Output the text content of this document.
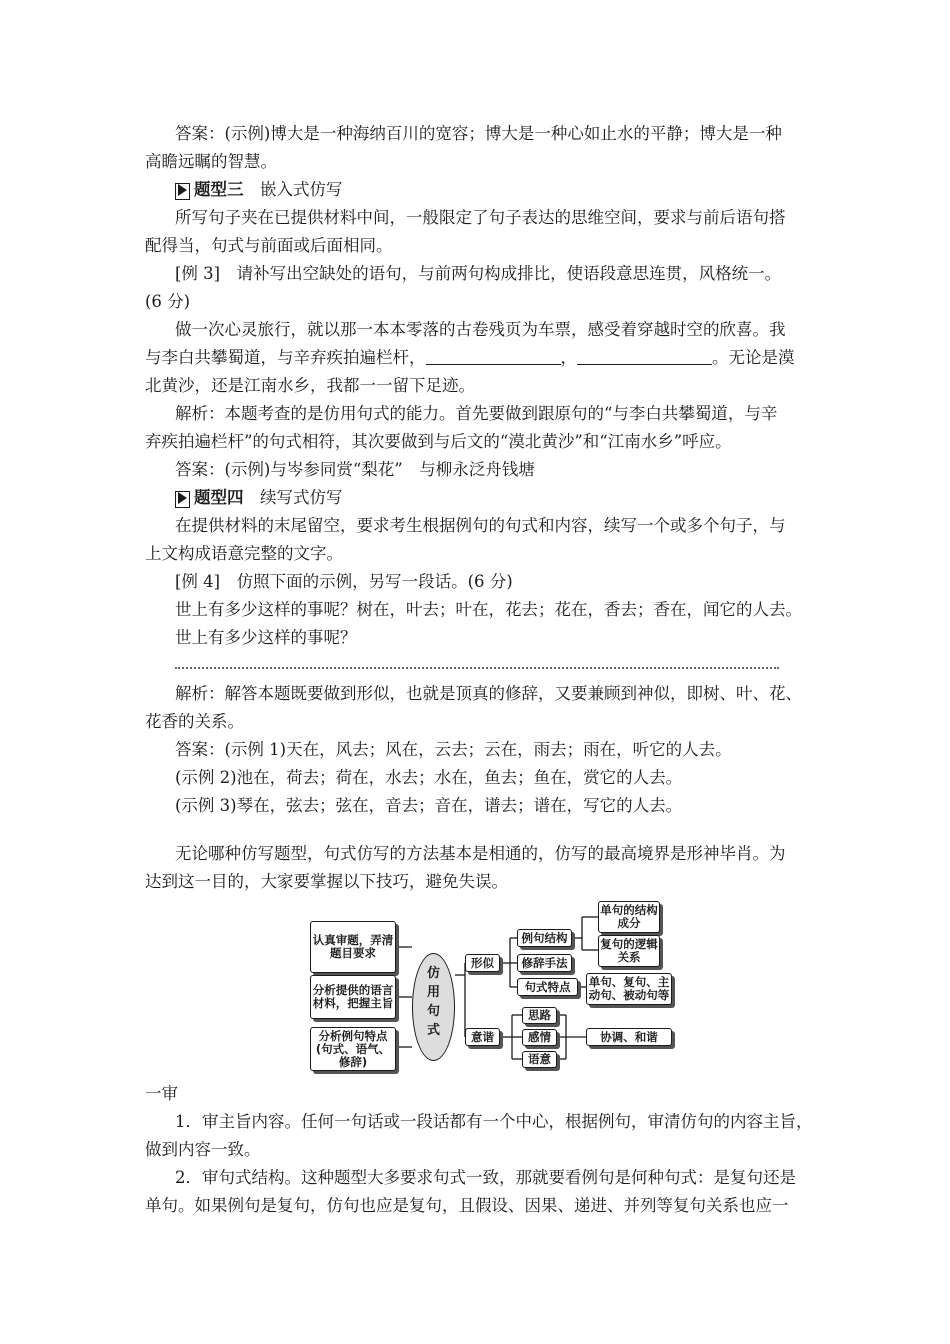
答案：(示例)博大是一种海纳百川的宽容；博大是一种心如止水的平静；博大是一种
高瞻远瞩的智慧。
题型三　 嵌入式仿写
所写句子夹在已提供材料中间，一般限定了句子表达的思维空间，要求与前后语句搭
配得当，句式与前面或后面相同。
[例 3]　请补写出空缺处的语句，与前两句构成排比，使语段意思连贯，风格统一。
(6 分)
做一次心灵旅行，就以那一本本零落的古卷残页为车票，感受着穿越时空的欣喜。我
与李白共攀蜀道，与辛弃疾拍遍栏杆，	，	。无论是漠
北黄沙，还是江南水乡，我都一一留下足迹。
解析：本题考查的是仿用句式的能力。首先要做到跟原句的“与李白共攀蜀道，与辛
弃疾拍遍栏杆”的句式相符，其次要做到与后文的“漠北黄沙”和“江南水乡”呼应。
答案：(示例)与岑参同赏“梨花”　与柳永泛舟钱塘
题型四　 续写式仿写
在提供材料的末尾留空，要求考生根据例句的句式和内容，续写一个或多个句子，与
上文构成语意完整的文字。
[例 4]　仿照下面的示例，另写一段话。(6 分)
世上有多少这样的事呢？树在，叶去；叶在，花去；花在，香去；香在，闻它的人去。
世上有多少这样的事呢？
解析：解答本题既要做到形似，也就是顶真的修辞，又要兼顾到神似，即树、叶、花、
花香的关系。
答案：(示例 1)天在，风去；风在，云去；云在，雨去；雨在，听它的人去。
(示例 2)池在，荷去；荷在，水去；水在，鱼去；鱼在，赏它的人去。
(示例 3)琴在，弦去；弦在，音去；音在，谱去；谱在，写它的人去。
无论哪种仿写题型，句式仿写的方法基本是相通的，仿写的最高境界是形神毕肖。为
达到这一目的，大家要掌握以下技巧，避免失误。
认真审题，弄清题目要求
分析提供的语言材料，把握主旨
分析例句特点(句式、语气、修辞)
仿
用
句
式
形似
意谐
例句结构
修辞手法
句式特点
单句的结构成分
复句的逻辑关系
单句、复句、主动句、被动句等
思路
感情
语意
协调、和谐
一审
1．审主旨内容。任何一句话或一段话都有一个中心，根据例句，审清仿句的内容主旨，
做到内容一致。
2．审句式结构。这种题型大多要求句式一致，那就要看例句是何种句式：是复句还是
单句。如果例句是复句，仿句也应是复句，且假设、因果、递进、并列等复句关系也应一
